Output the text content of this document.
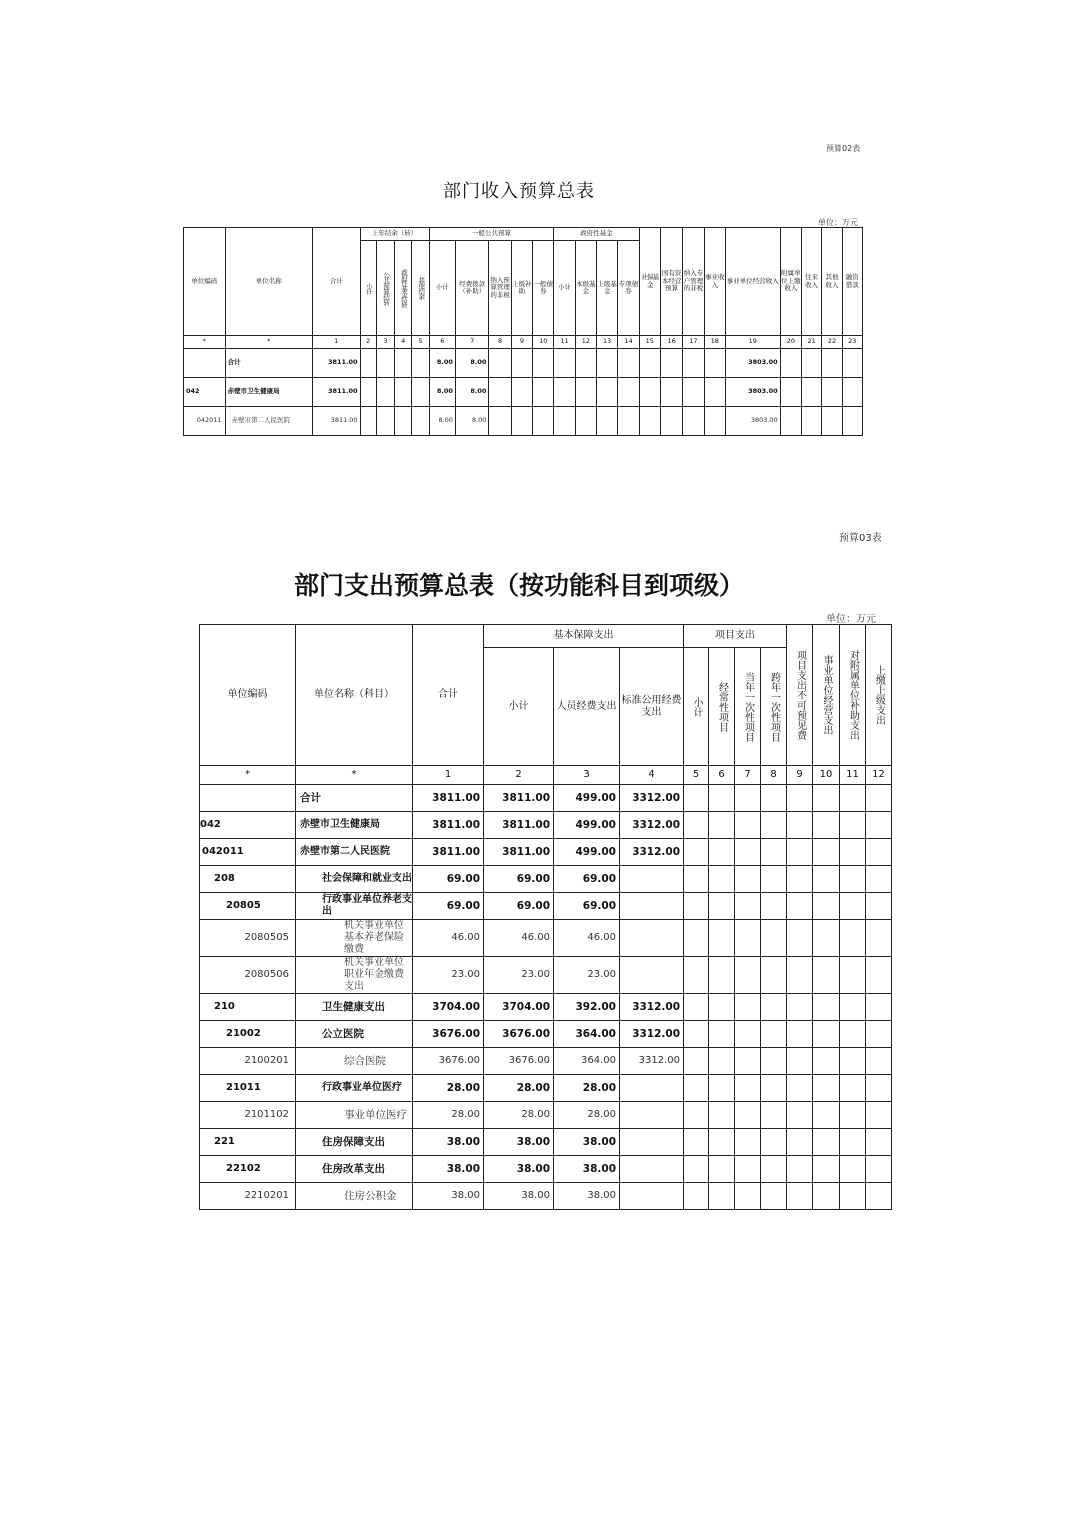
预算02表
部门收入预算总表
单位：万元
单位编码	单位名称	合计	上年结余（转）				一般公共预算					政府性基金				社保基金	国有资本经营预算	纳入专户管理的非税	事业收入	事业单位经营收入	附属单位上缴收入	往来收入	其他收入	融资借款

			小计	公共预算结转	政府性基金结转	其他结余	小计	经费拨款（补助）	纳入预算管理的非税	上级补助	一般债券	小计	本级基金	上级基金	专项债券									
*	*	1	2	3	4	5	6	7	8	9	10	11	12	13	14	15	16	17	18	19	20	21	22	23
	合计	3811.00					8.00	8.00												3803.00				
042	赤壁市卫生健康局	3811.00					8.00	8.00												3803.00				
042011	赤壁市第二人民医院	3811.00					8.00	8.00												3803.00				
预算03表
部门支出预算总表（按功能科目到项级）
单位：万元
单位编码	单位名称（科目）	合计	基本保障支出			项目支出				项目支出不可预见费	事业单位经营支出	对附属单位补助支出	上缴上级支出

			小计	人员经费支出	标准公用经费支出	小计	经常性项目	当年一次性项目	跨年一次性项目				

*	*	1	2	3	4	5	6	7	8	9	10	11	12
	合计	3811.00	3811.00	499.00	3312.00								
042	赤壁市卫生健康局	3811.00	3811.00	499.00	3312.00								
042011	赤壁市第二人民医院	3811.00	3811.00	499.00	3312.00								
208	社会保障和就业支出	69.00	69.00	69.00									
20805	行政事业单位养老支出	69.00	69.00	69.00									
2080505	机关事业单位基本养老保险缴费	46.00	46.00	46.00									
2080506	机关事业单位职业年金缴费支出	23.00	23.00	23.00									
210	卫生健康支出	3704.00	3704.00	392.00	3312.00								
21002	公立医院	3676.00	3676.00	364.00	3312.00								
2100201	综合医院	3676.00	3676.00	364.00	3312.00								
21011	行政事业单位医疗	28.00	28.00	28.00									
2101102	事业单位医疗	28.00	28.00	28.00									
221	住房保障支出	38.00	38.00	38.00									
22102	住房改革支出	38.00	38.00	38.00									
2210201	住房公积金	38.00	38.00	38.00									
